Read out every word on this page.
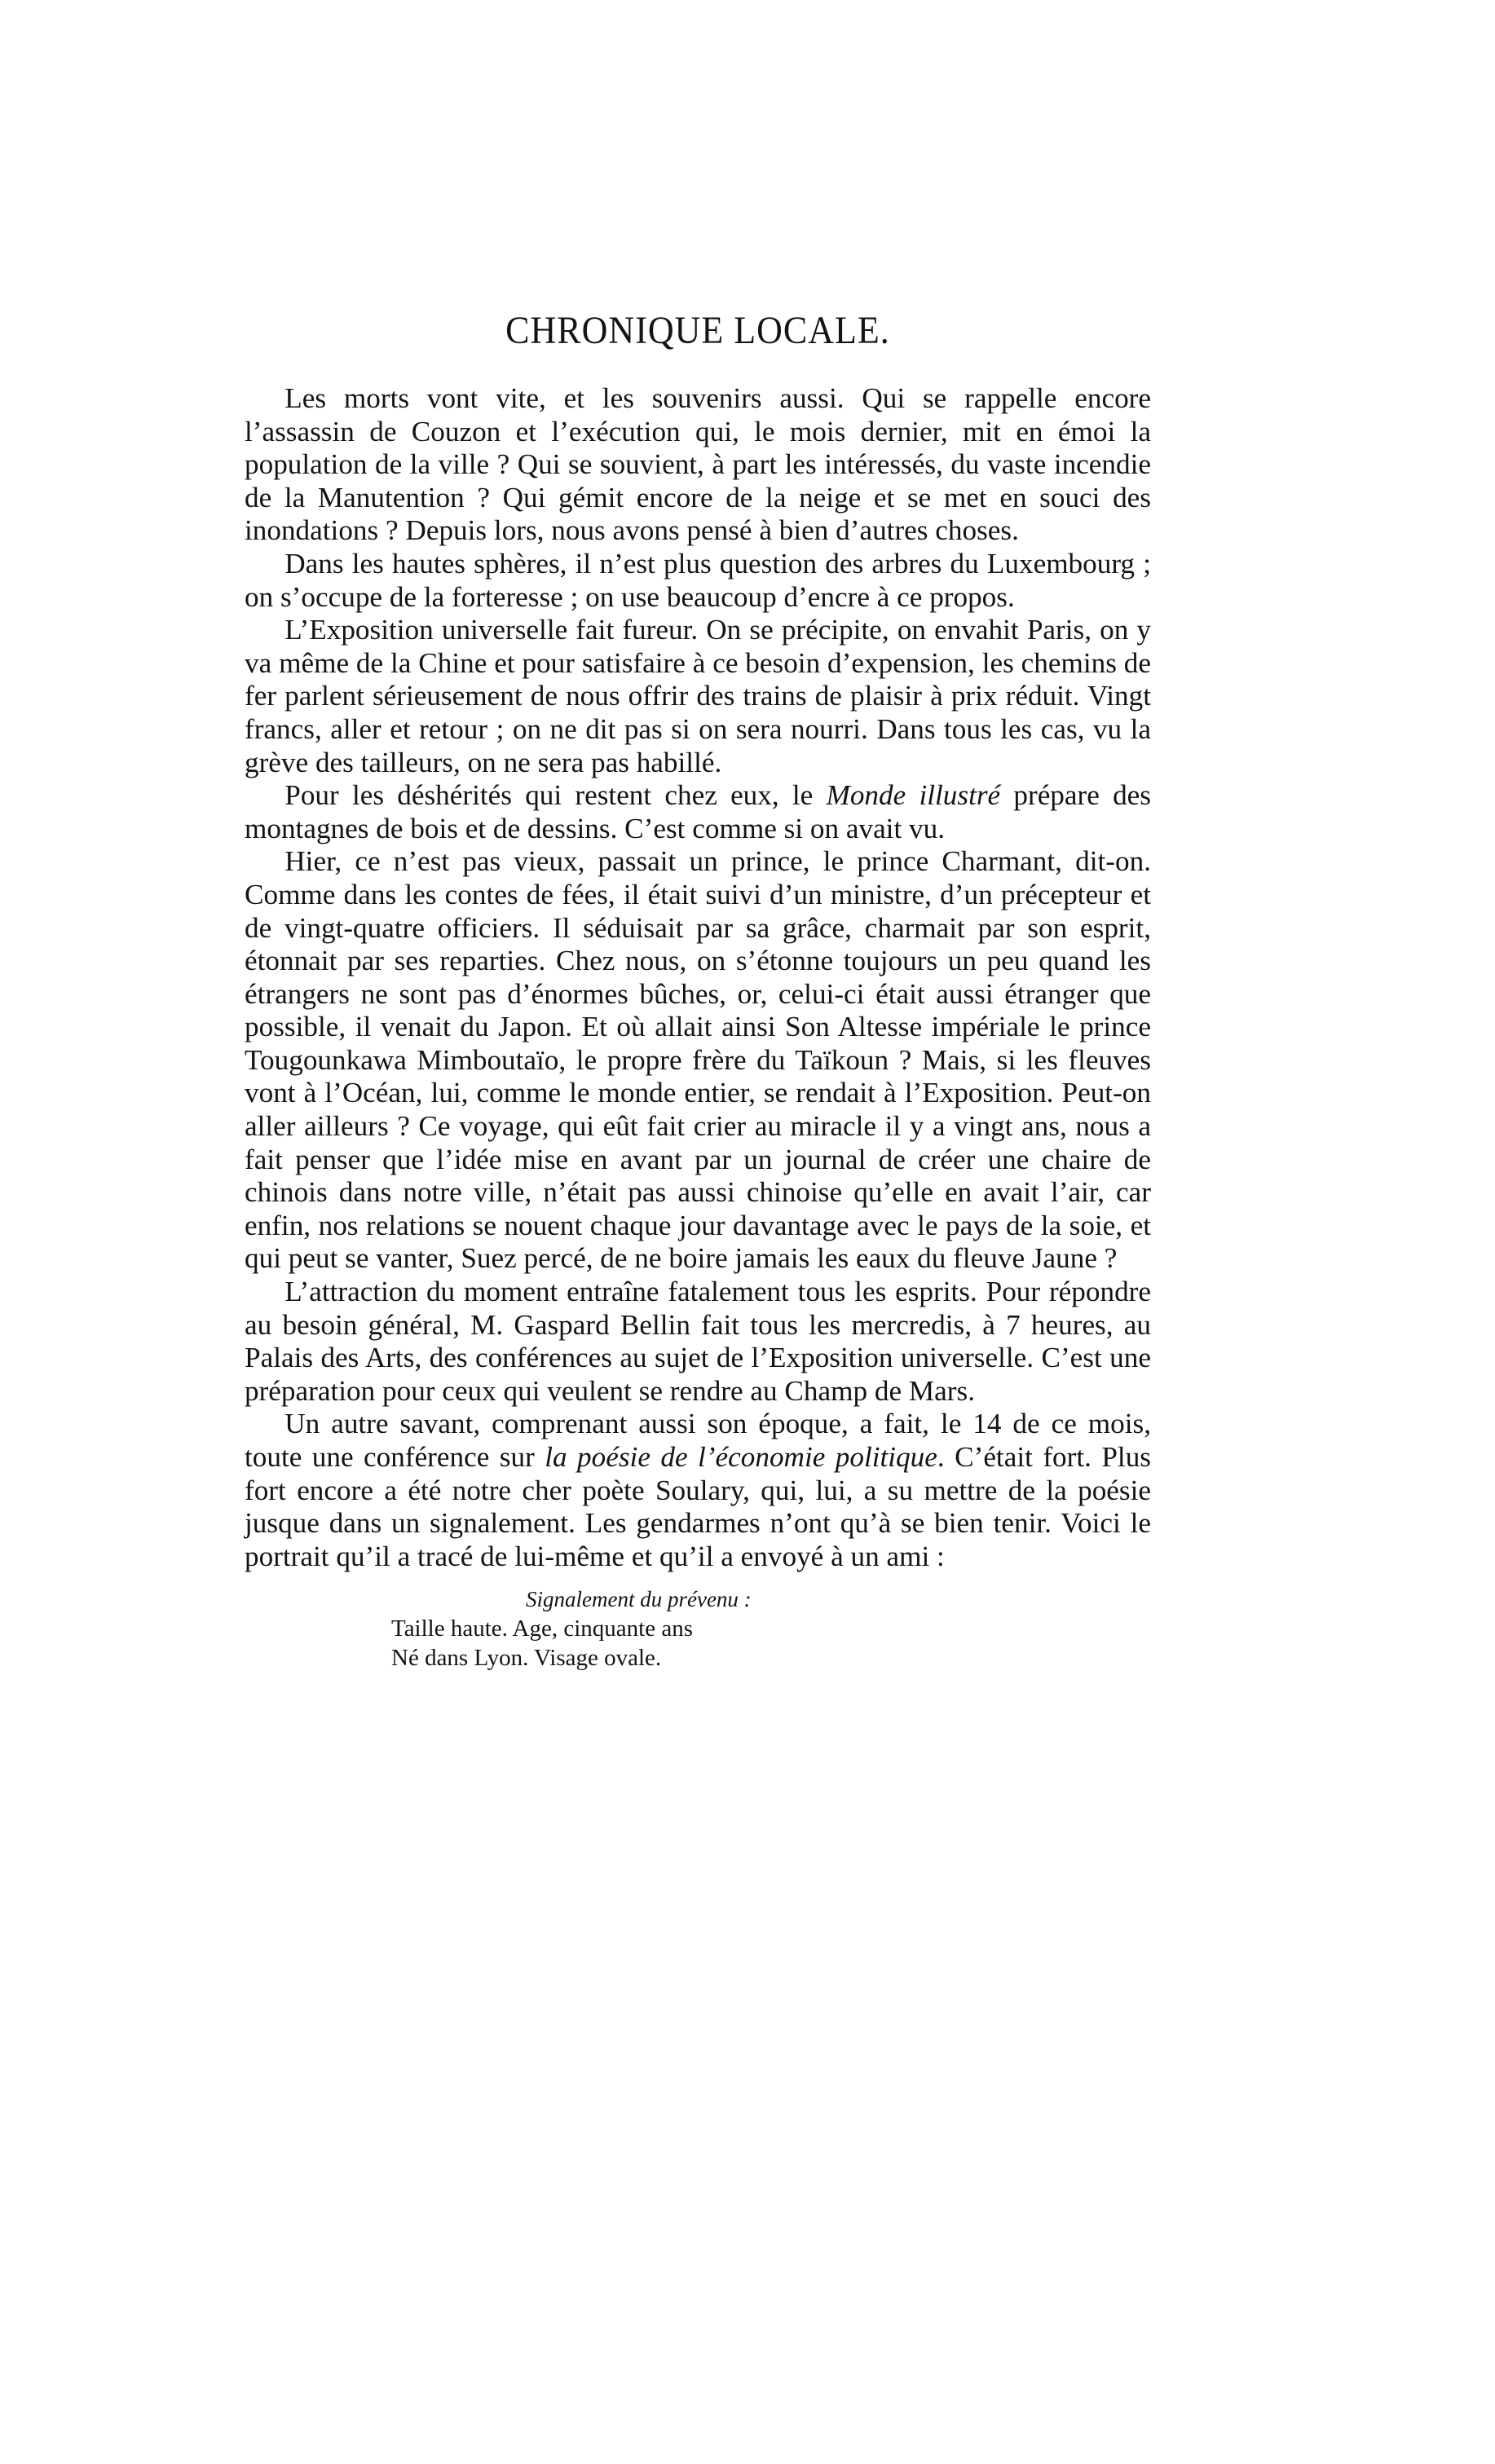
CHRONIQUE LOCALE.

Les morts vont vite, et les souvenirs aussi. Qui se rappelle encore l’assassin de Couzon et l’exécution qui, le mois dernier, mit en émoi la population de la ville ? Qui se souvient, à part les intéressés, du vaste incendie de la Manutention ? Qui gémit encore de la neige et se met en souci des inondations ? Depuis lors, nous avons pensé à bien d’autres choses.

Dans les hautes sphères, il n’est plus question des arbres du Luxembourg ; on s’occupe de la forteresse ; on use beaucoup d’encre à ce propos.

L’Exposition universelle fait fureur. On se précipite, on envahit Paris, on y va même de la Chine et pour satisfaire à ce besoin d’expension, les chemins de fer parlent sérieusement de nous offrir des trains de plaisir à prix réduit. Vingt francs, aller et retour ; on ne dit pas si on sera nourri. Dans tous les cas, vu la grève des tailleurs, on ne sera pas habillé.

Pour les déshérités qui restent chez eux, le Monde illustré prépare des montagnes de bois et de dessins. C’est comme si on avait vu.

Hier, ce n’est pas vieux, passait un prince, le prince Charmant, dit-on. Comme dans les contes de fées, il était suivi d’un ministre, d’un précepteur et de vingt-quatre officiers. Il séduisait par sa grâce, charmait par son esprit, étonnait par ses reparties. Chez nous, on s’étonne toujours un peu quand les étrangers ne sont pas d’énormes bûches, or, celui-ci était aussi étranger que possible, il venait du Japon. Et où allait ainsi Son Altesse impériale le prince Tougounkawa Mimboutaïo, le propre frère du Taïkoun ? Mais, si les fleuves vont à l’Océan, lui, comme le monde entier, se rendait à l’Exposition. Peut-on aller ailleurs ? Ce voyage, qui eût fait crier au miracle il y a vingt ans, nous a fait penser que l’idée mise en avant par un journal de créer une chaire de chinois dans notre ville, n’était pas aussi chinoise qu’elle en avait l’air, car enfin, nos relations se nouent chaque jour davantage avec le pays de la soie, et qui peut se vanter, Suez percé, de ne boire jamais les eaux du fleuve Jaune ?

L’attraction du moment entraîne fatalement tous les esprits. Pour répondre au besoin général, M. Gaspard Bellin fait tous les mercredis, à 7 heures, au Palais des Arts, des conférences au sujet de l’Exposition universelle. C’est une préparation pour ceux qui veulent se rendre au Champ de Mars.

Un autre savant, comprenant aussi son époque, a fait, le 14 de ce mois, toute une conférence sur la poésie de l’économie politique. C’était fort. Plus fort encore a été notre cher poète Soulary, qui, lui, a su mettre de la poésie jusque dans un signalement. Les gendarmes n’ont qu’à se bien tenir. Voici le portrait qu’il a tracé de lui-même et qu’il a envoyé à un ami :

Signalement du prévenu :

Taille haute. Age, cinquante ans

Né dans Lyon. Visage ovale.
